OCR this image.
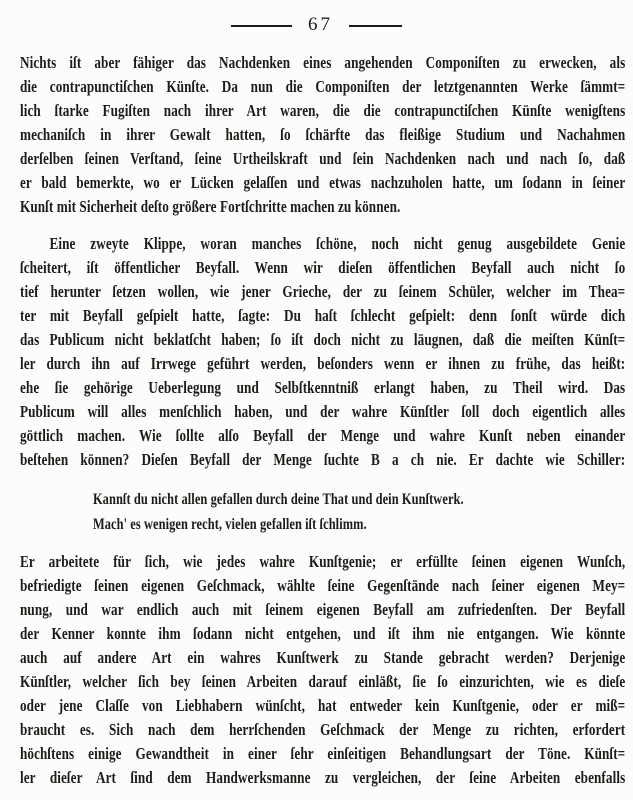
67
Nichts iſt aber fähiger das Nachdenken eines angehenden Componiſten zu erwecken, als
die contrapunctiſchen Künſte. Da nun die Componiſten der letztgenannten Werke ſämmt=
lich ſtarke Fugiſten nach ihrer Art waren, die die contrapunctiſchen Künſte wenigſtens
mechaniſch in ihrer Gewalt hatten, ſo ſchärfte das fleißige Studium und Nachahmen
derſelben ſeinen Verſtand, ſeine Urtheilskraft und ſein Nachdenken nach und nach ſo, daß
er bald bemerkte, wo er Lücken gelaſſen und etwas nachzuholen hatte, um ſodann in ſeiner
Kunſt mit Sicherheit deſto größere Fortſchritte machen zu können.
Eine zweyte Klippe, woran manches ſchöne, noch nicht genug ausgebildete Genie
ſcheitert, iſt öffentlicher Beyfall. Wenn wir dieſen öffentlichen Beyfall auch nicht ſo
tief herunter ſetzen wollen, wie jener Grieche, der zu ſeinem Schüler, welcher im Thea=
ter mit Beyfall geſpielt hatte, ſagte: Du haſt ſchlecht geſpielt: denn ſonſt würde dich
das Publicum nicht beklatſcht haben; ſo iſt doch nicht zu läugnen, daß die meiſten Künſt=
ler durch ihn auf Irrwege geführt werden, beſonders wenn er ihnen zu frühe, das heißt:
ehe ſie gehörige Ueberlegung und Selbſtkenntniß erlangt haben, zu Theil wird. Das
Publicum will alles menſchlich haben, und der wahre Künſtler ſoll doch eigentlich alles
göttlich machen. Wie ſollte alſo Beyfall der Menge und wahre Kunſt neben einander
beſtehen können? Dieſen Beyfall der Menge ſuchte B a ch nie. Er dachte wie Schiller:
Kannſt du nicht allen gefallen durch deine That und dein Kunſtwerk.
Mach' es wenigen recht, vielen gefallen iſt ſchlimm.
Er arbeitete für ſich, wie jedes wahre Kunſtgenie; er erfüllte ſeinen eigenen Wunſch,
befriedigte ſeinen eigenen Geſchmack, wählte ſeine Gegenſtände nach ſeiner eigenen Mey=
nung, und war endlich auch mit ſeinem eigenen Beyfall am zufriedenſten. Der Beyfall
der Kenner konnte ihm ſodann nicht entgehen, und iſt ihm nie entgangen. Wie könnte
auch auf andere Art ein wahres Kunſtwerk zu Stande gebracht werden? Derjenige
Künſtler, welcher ſich bey ſeinen Arbeiten darauf einläßt, ſie ſo einzurichten, wie es dieſe
oder jene Claſſe von Liebhabern wünſcht, hat entweder kein Kunſtgenie, oder er miß=
braucht es. Sich nach dem herrſchenden Geſchmack der Menge zu richten, erfordert
höchſtens einige Gewandtheit in einer ſehr einſeitigen Behandlungsart der Töne. Künſt=
ler dieſer Art ſind dem Handwerksmanne zu vergleichen, der ſeine Arbeiten ebenfalls
